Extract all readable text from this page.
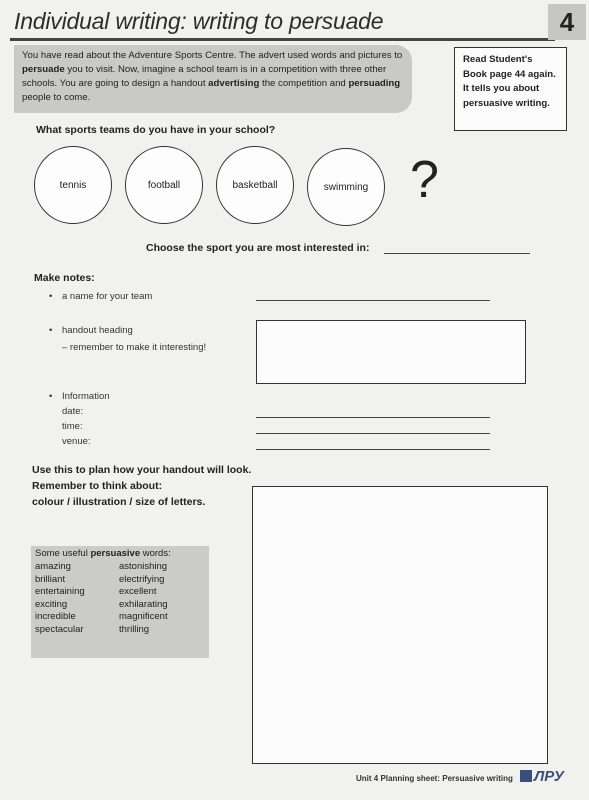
Individual writing: writing to persuade	4
You have read about the Adventure Sports Centre. The advert used words and pictures to persuade you to visit. Now, imagine a school team is in a competition with three other schools. You are going to design a handout advertising the competition and persuading people to come.
Read Student's Book page 44 again. It tells you about persuasive writing.
What sports teams do you have in your school?
tennis	football	basketball	swimming ?
Choose the sport you are most interested in:
Make notes:
• a name for your team
• handout heading
– remember to make it interesting!
• Information
date:
time:
venue:
Use this to plan how your handout will look.
Remember to think about:
colour / illustration / size of letters.
Some useful persuasive words:
amazing	astonishing
brilliant	electrifying
entertaining	excellent
exciting	exhilarating
incredible	magnificent
spectacular	thrilling
Unit 4 Planning sheet: Persuasive writing ЛРУ
